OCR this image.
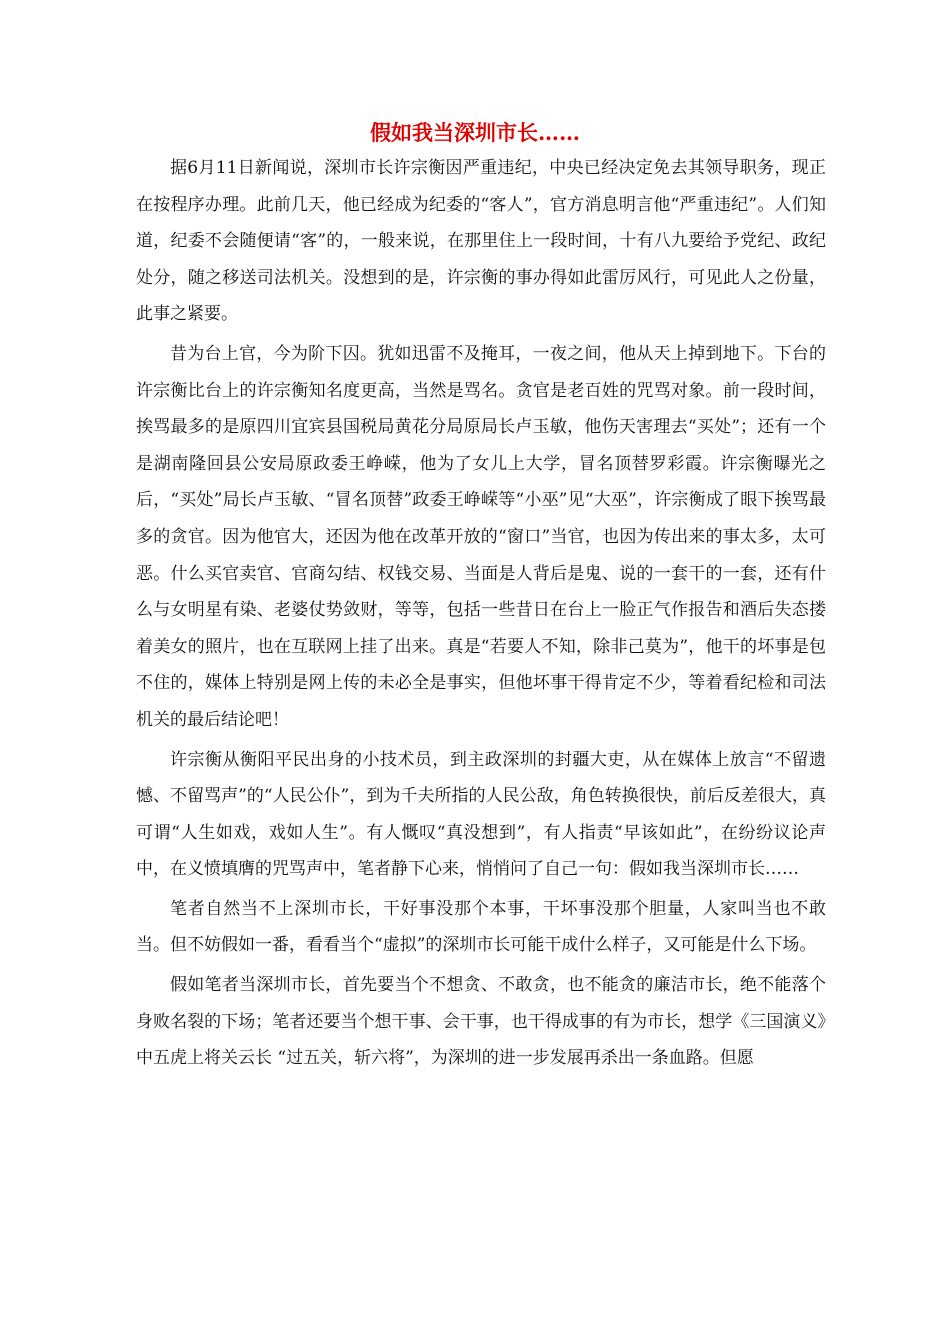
假如我当深圳市长……

据6月11日新闻说，深圳市长许宗衡因严重违纪，中央已经决定免去其领导职务，现正在按程序办理。此前几天，他已经成为纪委的“客人”，官方消息明言他“严重违纪”。人们知道，纪委不会随便请“客”的，一般来说，在那里住上一段时间，十有八九要给予党纪、政纪处分，随之移送司法机关。没想到的是，许宗衡的事办得如此雷厉风行，可见此人之份量，此事之紧要。

昔为台上官，今为阶下囚。犹如迅雷不及掩耳，一夜之间，他从天上掉到地下。下台的许宗衡比台上的许宗衡知名度更高，当然是骂名。贪官是老百姓的咒骂对象。前一段时间，挨骂最多的是原四川宜宾县国税局黄花分局原局长卢玉敏，他伤天害理去“买处”；还有一个是湖南隆回县公安局原政委王峥嵘，他为了女儿上大学，冒名顶替罗彩霞。许宗衡曝光之后，“买处”局长卢玉敏、“冒名顶替”政委王峥嵘等“小巫”见“大巫”，许宗衡成了眼下挨骂最多的贪官。因为他官大，还因为他在改革开放的“窗口”当官，也因为传出来的事太多，太可恶。什么买官卖官、官商勾结、权钱交易、当面是人背后是鬼、说的一套干的一套，还有什么与女明星有染、老婆仗势敛财，等等，包括一些昔日在台上一脸正气作报告和酒后失态搂着美女的照片，也在互联网上挂了出来。真是“若要人不知，除非己莫为”，他干的坏事是包不住的，媒体上特别是网上传的未必全是事实，但他坏事干得肯定不少，等着看纪检和司法机关的最后结论吧！

许宗衡从衡阳平民出身的小技术员，到主政深圳的封疆大吏，从在媒体上放言“不留遗憾、不留骂声”的“人民公仆”，到为千夫所指的人民公敌，角色转换很快，前后反差很大，真可谓“人生如戏，戏如人生”。有人慨叹“真没想到”，有人指责“早该如此”，在纷纷议论声中，在义愤填膺的咒骂声中，笔者静下心来，悄悄问了自己一句：假如我当深圳市长……

笔者自然当不上深圳市长，干好事没那个本事，干坏事没那个胆量，人家叫当也不敢当。但不妨假如一番，看看当个“虚拟”的深圳市长可能干成什么样子，又可能是什么下场。

假如笔者当深圳市长，首先要当个不想贪、不敢贪，也不能贪的廉洁市长，绝不能落个身败名裂的下场；笔者还要当个想干事、会干事，也干得成事的有为市长，想学《三国演义》中五虎上将关云长 “过五关，斩六将”，为深圳的进一步发展再杀出一条血路。但愿
